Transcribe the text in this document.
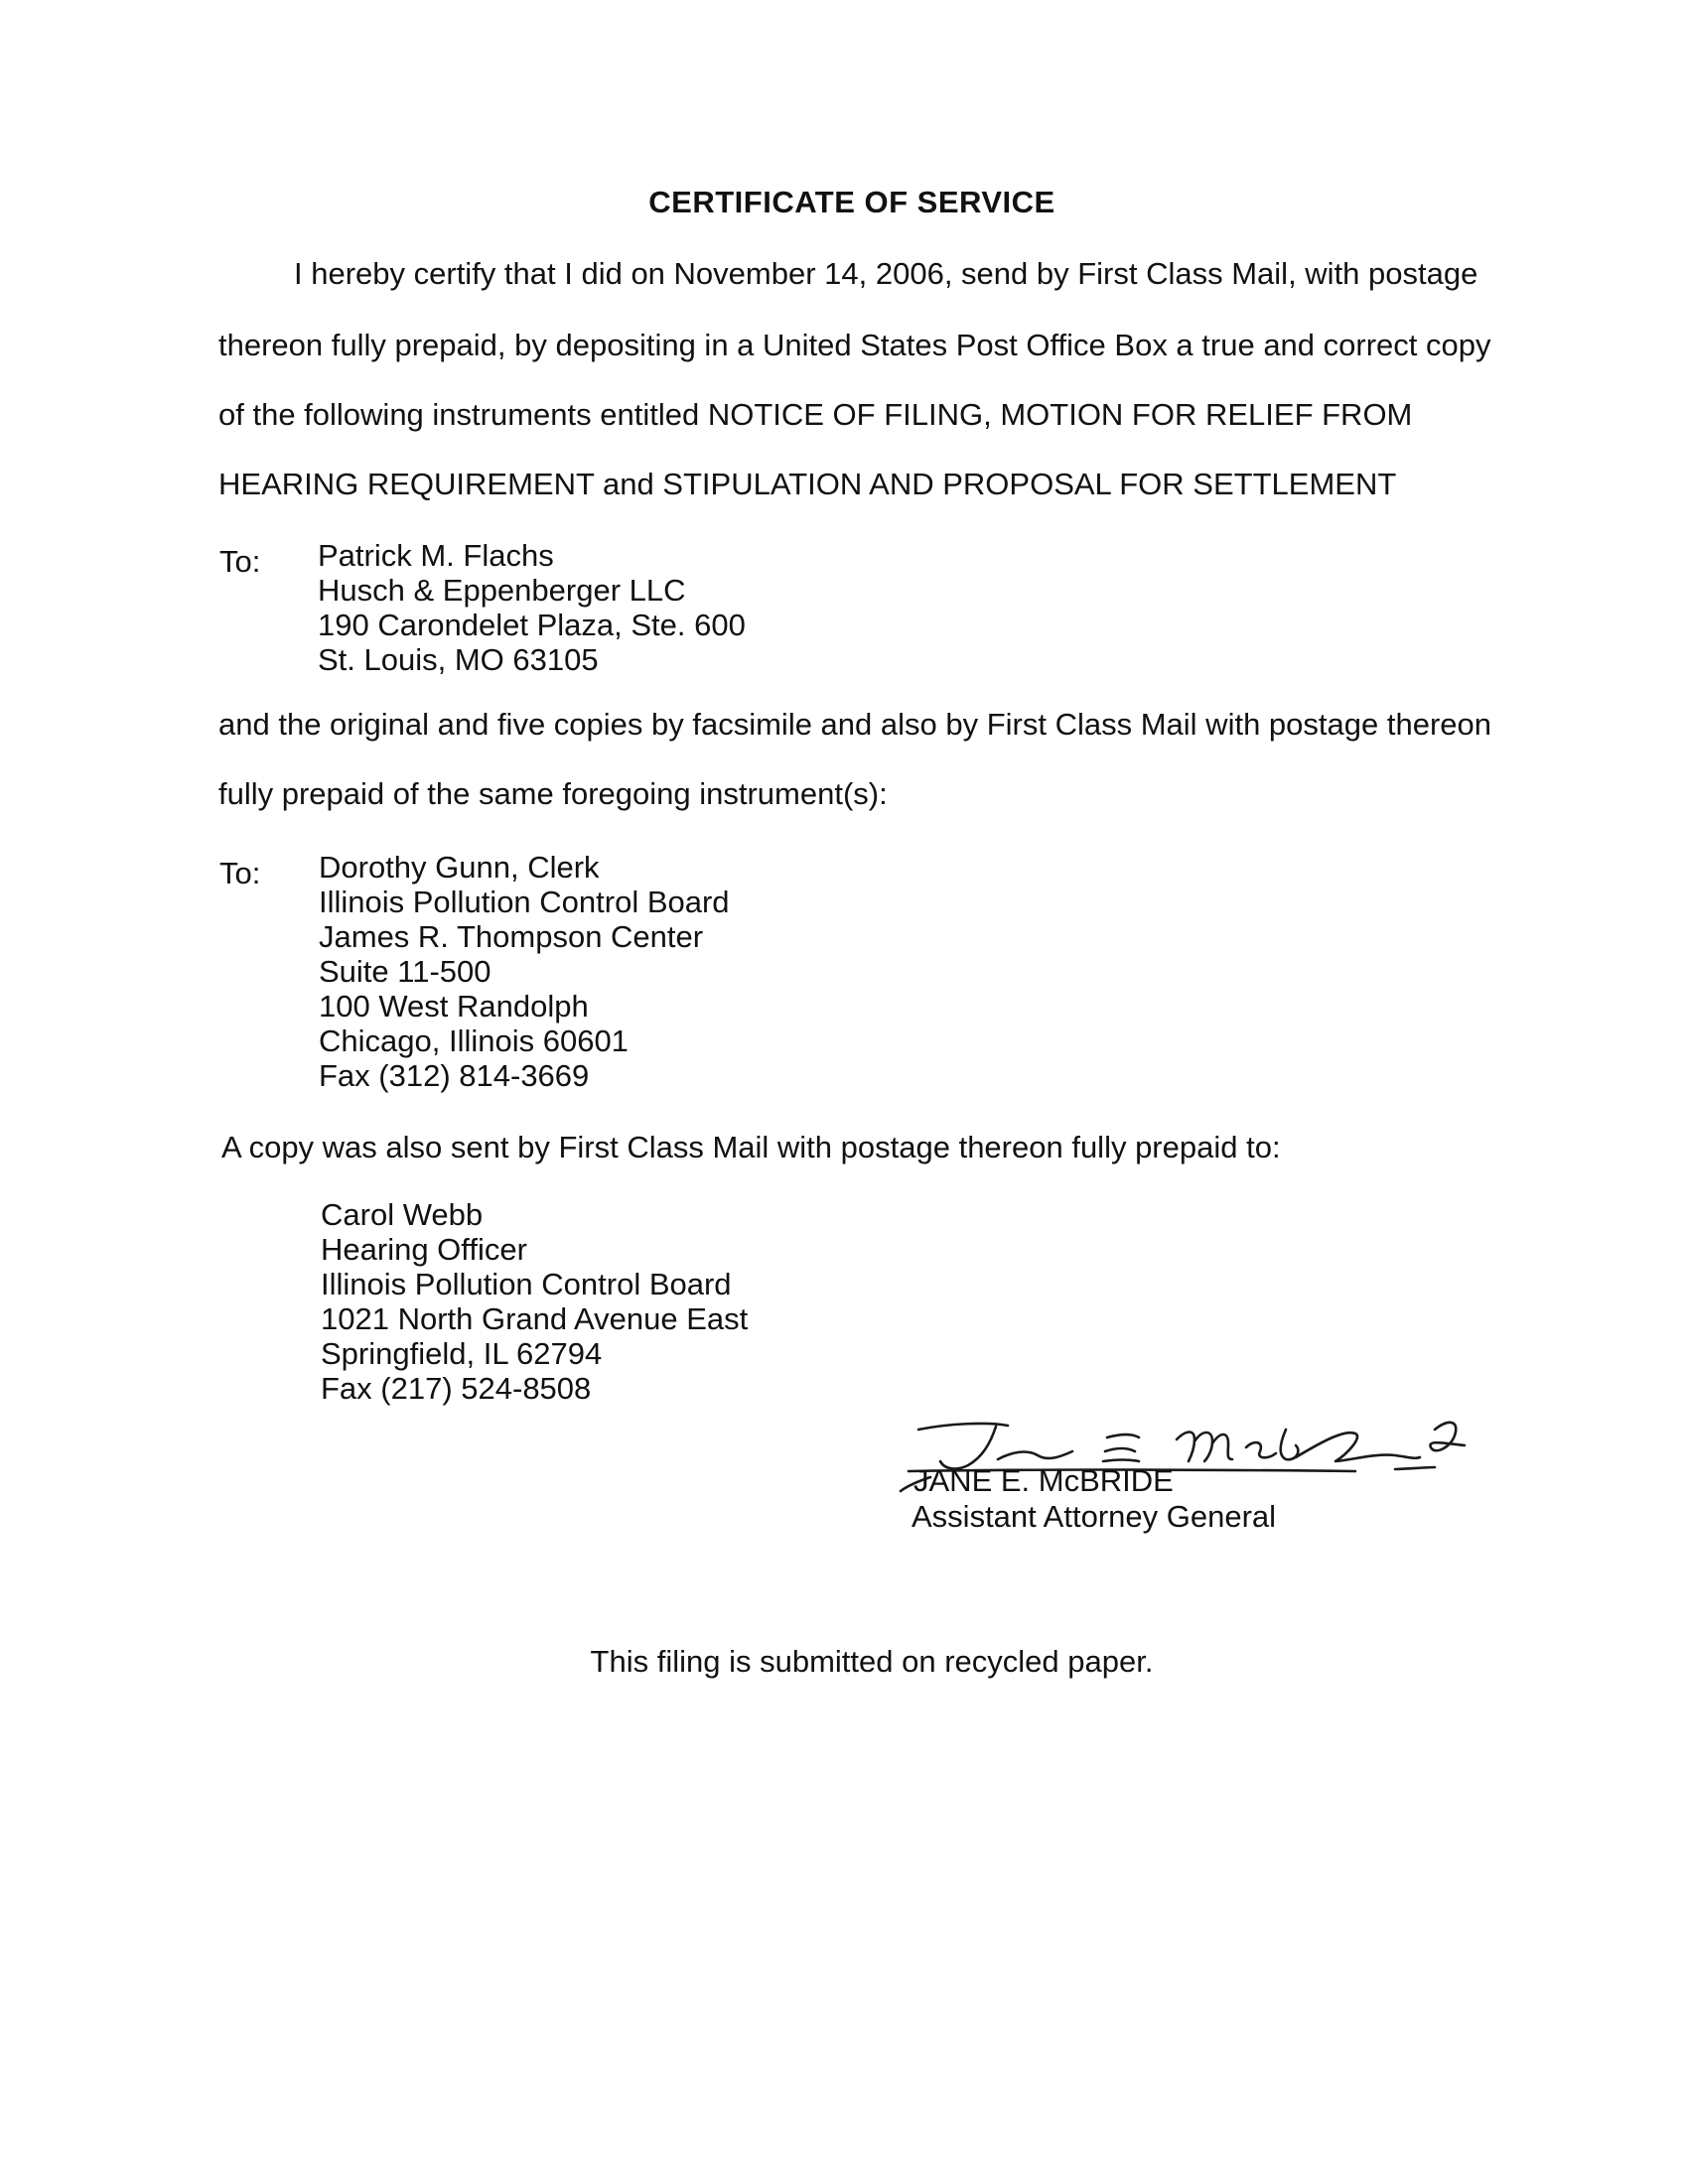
CERTIFICATE OF SERVICE
I hereby certify that I did on November 14, 2006, send by First Class Mail, with postage
thereon fully prepaid, by depositing in a United States Post Office Box a true and correct copy
of the following instruments entitled NOTICE OF FILING, MOTION FOR RELIEF FROM
HEARING REQUIREMENT and STIPULATION AND PROPOSAL FOR SETTLEMENT
To: Patrick M. Flachs
Husch & Eppenberger LLC
190 Carondelet Plaza, Ste. 600
St. Louis, MO 63105
and the original and five copies by facsimile and also by First Class Mail with postage thereon
fully prepaid of the same foregoing instrument(s):
To: Dorothy Gunn, Clerk
Illinois Pollution Control Board
James R. Thompson Center
Suite 11-500
100 West Randolph
Chicago, Illinois 60601
Fax (312) 814-3669
A copy was also sent by First Class Mail with postage thereon fully prepaid to:
Carol Webb
Hearing Officer
Illinois Pollution Control Board
1021 North Grand Avenue East
Springfield, IL 62794
Fax (217) 524-8508
JANE E. McBRIDE
Assistant Attorney General
This filing is submitted on recycled paper.
